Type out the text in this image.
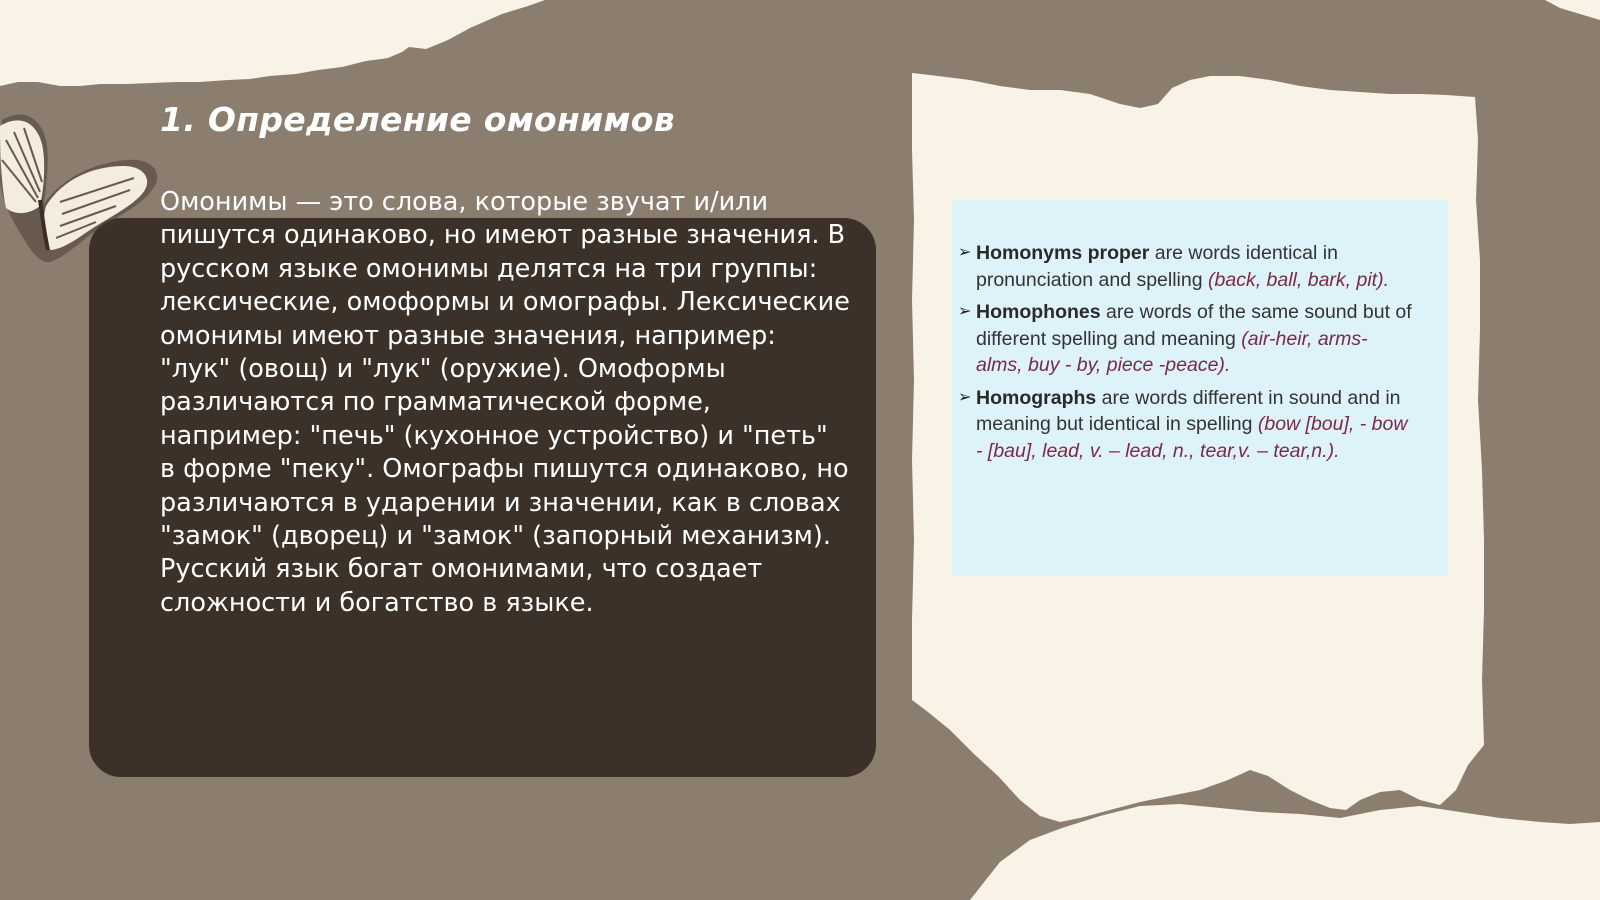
1. Определение омонимов

Омонимы — это слова, которые звучат и/или пишутся одинаково, но имеют разные значения. В русском языке омонимы делятся на три группы: лексические, омоформы и омографы. Лексические омонимы имеют разные значения, например: "лук" (овощ) и "лук" (оружие). Омоформы различаются по грамматической форме, например: "печь" (кухонное устройство) и "петь" в форме "пеку". Омографы пишутся одинаково, но различаются в ударении и значении, как в словах "замок" (дворец) и "замок" (запорный механизм). Русский язык богат омонимами, что создает сложности и богатство в языке.

➢ Homonyms proper are words identical in pronunciation and spelling (back, ball, bark, pit).
➢ Homophones are words of the same sound but of different spelling and meaning (air-heir, arms- alms, buy - by, piece -peace).
➢ Homographs are words different in sound and in meaning but identical in spelling (bow [bou], - bow - [bau], lead, v. – lead, n., tear,v. – tear,n.).
